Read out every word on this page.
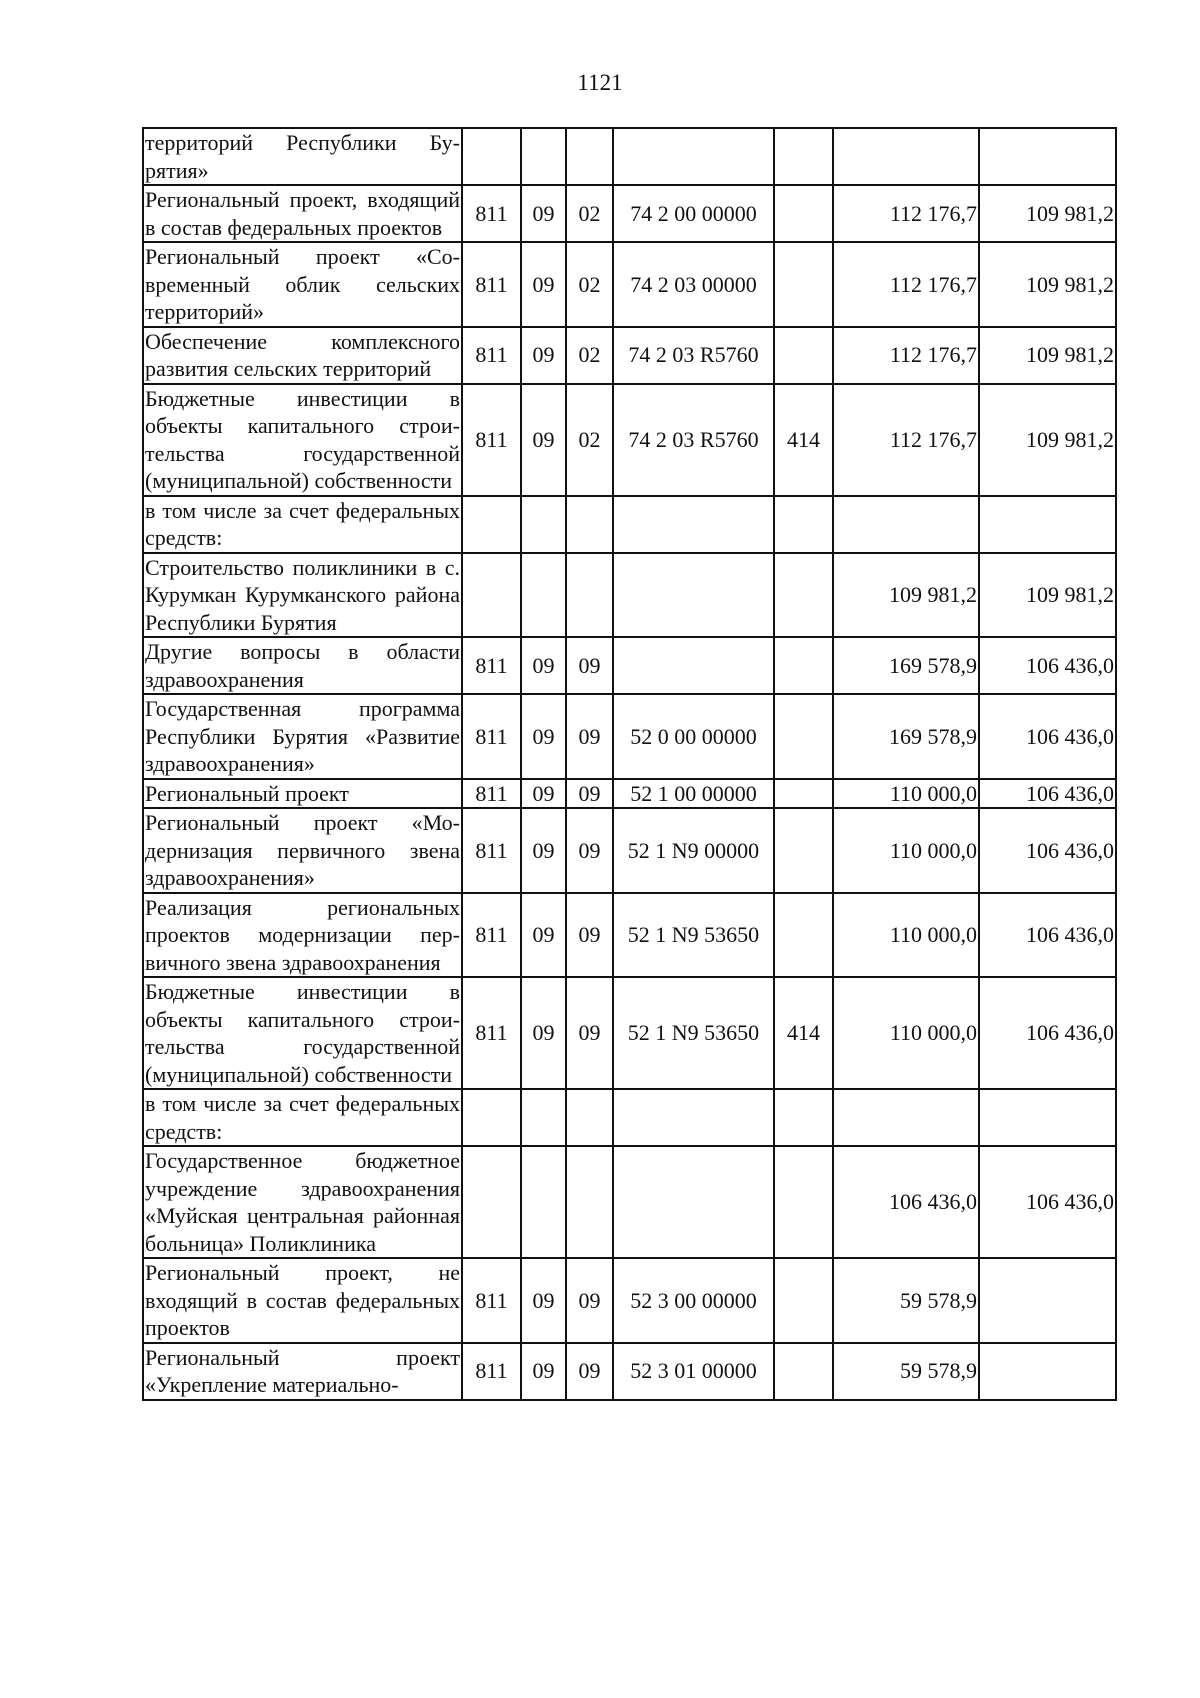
1121
территорий Республики Бурятия»							
Региональный проект, входящий в состав федеральных проектов	811	09	02	74 2 00 00000		112 176,7	109 981,2
Региональный проект «Современный облик сельских территорий»	811	09	02	74 2 03 00000		112 176,7	109 981,2
Обеспечение комплексного развития сельских территорий	811	09	02	74 2 03 R5760		112 176,7	109 981,2
Бюджетные инвестиции в объекты капитального строительства государственной (муниципальной) собственности	811	09	02	74 2 03 R5760	414	112 176,7	109 981,2
в том числе за счет федеральных средств:							
Строительство поликлиники в с. Курумкан Курумканского района Республики Бурятия						109 981,2	109 981,2
Другие вопросы в области здравоохранения	811	09	09			169 578,9	106 436,0
Государственная программа Республики Бурятия «Развитие здравоохранения»	811	09	09	52 0 00 00000		169 578,9	106 436,0
Региональный проект	811	09	09	52 1 00 00000		110 000,0	106 436,0
Региональный проект «Модернизация первичного звена здравоохранения»	811	09	09	52 1 N9 00000		110 000,0	106 436,0
Реализация региональных проектов модернизации первичного звена здравоохранения	811	09	09	52 1 N9 53650		110 000,0	106 436,0
Бюджетные инвестиции в объекты капитального строительства государственной (муниципальной) собственности	811	09	09	52 1 N9 53650	414	110 000,0	106 436,0
в том числе за счет федеральных средств:							
Государственное бюджетное учреждение здравоохранения «Муйская центральная районная больница» Поликлиника						106 436,0	106 436,0
Региональный проект, не входящий в состав федеральных проектов	811	09	09	52 3 00 00000		59 578,9	
Региональный проект «Укрепление материально-	811	09	09	52 3 01 00000		59 578,9	
